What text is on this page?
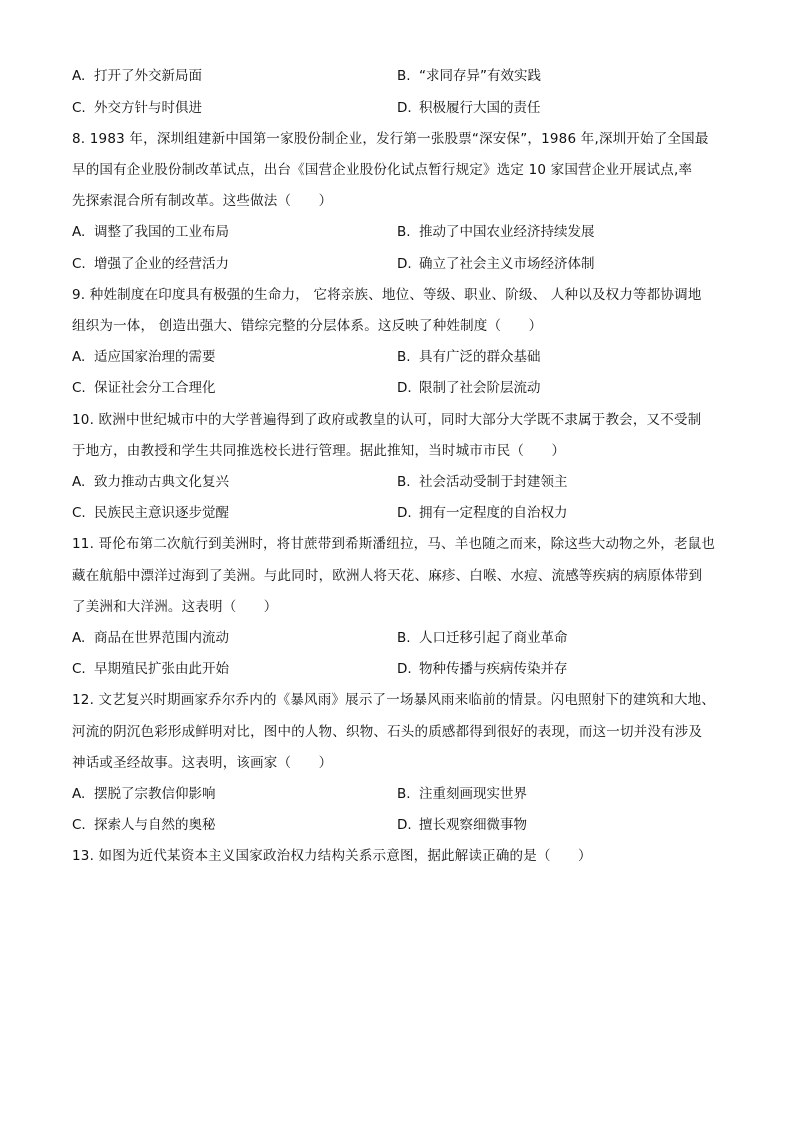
A. 打开了外交新局面	B. “求同存异”有效实践
C. 外交方针与时俱进	D. 积极履行大国的责任
8. 1983 年，深圳组建新中国第一家股份制企业，发行第一张股票“深安保”，1986 年,深圳开始了全国最
早的国有企业股份制改革试点，出台《国营企业股份化试点暂行规定》选定 10 家国营企业开展试点,率
先探索混合所有制改革。这些做法（　　）
A. 调整了我国的工业布局	B. 推动了中国农业经济持续发展
C. 增强了企业的经营活力	D. 确立了社会主义市场经济体制
9. 种姓制度在印度具有极强的生命力， 它将亲族、地位、等级、职业、阶级、 人种以及权力等都协调地
组织为一体， 创造出强大、错综完整的分层体系。这反映了种姓制度（　　）
A. 适应国家治理的需要	B. 具有广泛的群众基础
C. 保证社会分工合理化	D. 限制了社会阶层流动
10. 欧洲中世纪城市中的大学普遍得到了政府或教皇的认可，同时大部分大学既不隶属于教会，又不受制
于地方，由教授和学生共同推选校长进行管理。据此推知，当时城市市民（　　）
A. 致力推动古典文化复兴	B. 社会活动受制于封建领主
C. 民族民主意识逐步觉醒	D. 拥有一定程度的自治权力
11. 哥伦布第二次航行到美洲时，将甘蔗带到希斯潘纽拉，马、羊也随之而来，除这些大动物之外，老鼠也
藏在航船中漂洋过海到了美洲。与此同时，欧洲人将天花、麻疹、白喉、水痘、流感等疾病的病原体带到
了美洲和大洋洲。这表明（　　）
A. 商品在世界范围内流动	B. 人口迁移引起了商业革命
C. 早期殖民扩张由此开始	D. 物种传播与疾病传染并存
12. 文艺复兴时期画家乔尔乔内的《暴风雨》展示了一场暴风雨来临前的情景。闪电照射下的建筑和大地、
河流的阴沉色彩形成鲜明对比，图中的人物、织物、石头的质感都得到很好的表现，而这一切并没有涉及
神话或圣经故事。这表明，该画家（　　）
A. 摆脱了宗教信仰影响	B. 注重刻画现实世界
C. 探索人与自然的奥秘	D. 擅长观察细微事物
13. 如图为近代某资本主义国家政治权力结构关系示意图，据此解读正确的是（　　）
